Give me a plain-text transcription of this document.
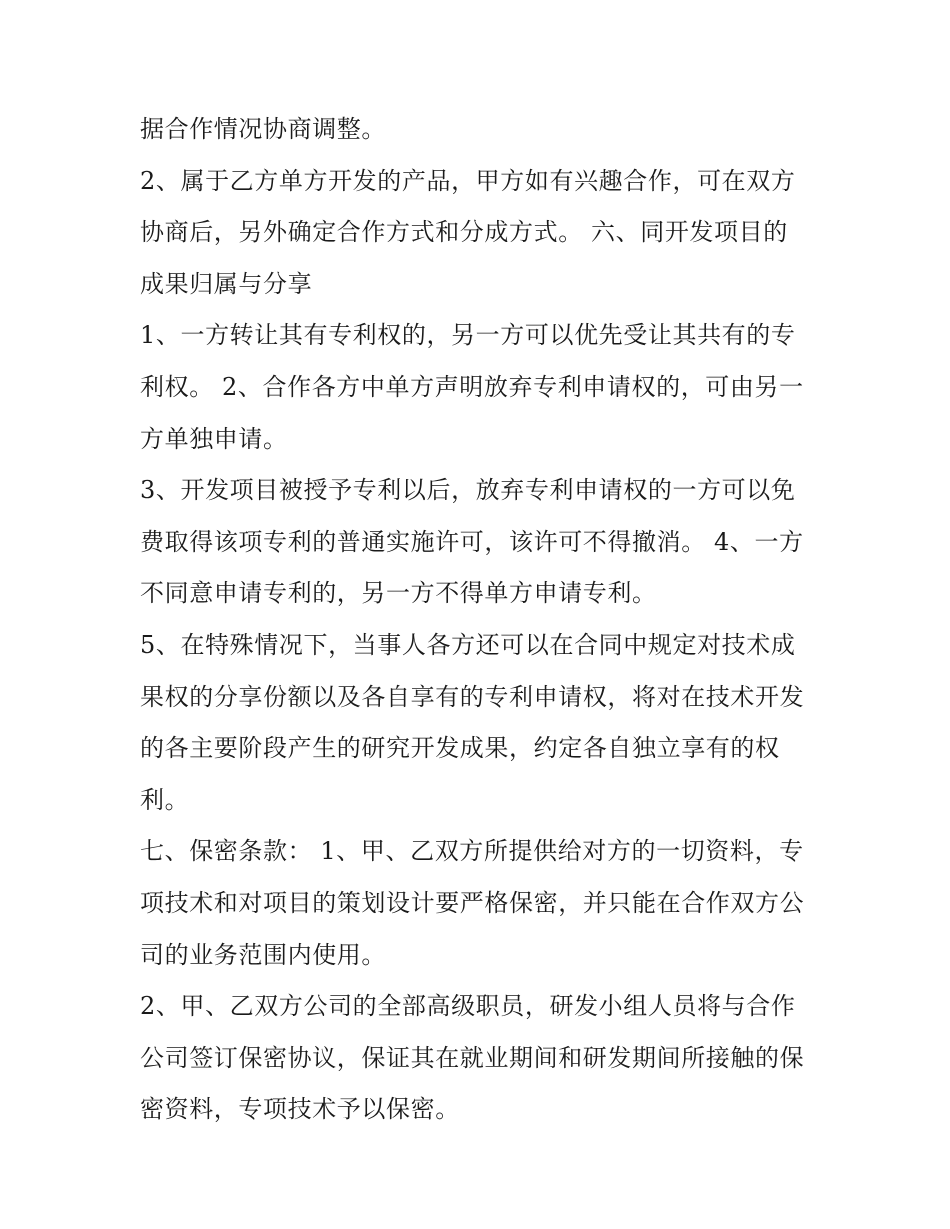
据合作情况协商调整。
2、属于乙方单方开发的产品，甲方如有兴趣合作，可在双方
协商后，另外确定合作方式和分成方式。 六、同开发项目的
成果归属与分享
1、一方转让其有专利权的，另一方可以优先受让其共有的专
利权。 2、合作各方中单方声明放弃专利申请权的，可由另一
方单独申请。
3、开发项目被授予专利以后，放弃专利申请权的一方可以免
费取得该项专利的普通实施许可，该许可不得撤消。 4、一方
不同意申请专利的，另一方不得单方申请专利。
5、在特殊情况下，当事人各方还可以在合同中规定对技术成
果权的分享份额以及各自享有的专利申请权，将对在技术开发
的各主要阶段产生的研究开发成果，约定各自独立享有的权
利。
七、保密条款： 1、甲、乙双方所提供给对方的一切资料，专
项技术和对项目的策划设计要严格保密，并只能在合作双方公
司的业务范围内使用。
2、甲、乙双方公司的全部高级职员，研发小组人员将与合作
公司签订保密协议，保证其在就业期间和研发期间所接触的保
密资料，专项技术予以保密。
